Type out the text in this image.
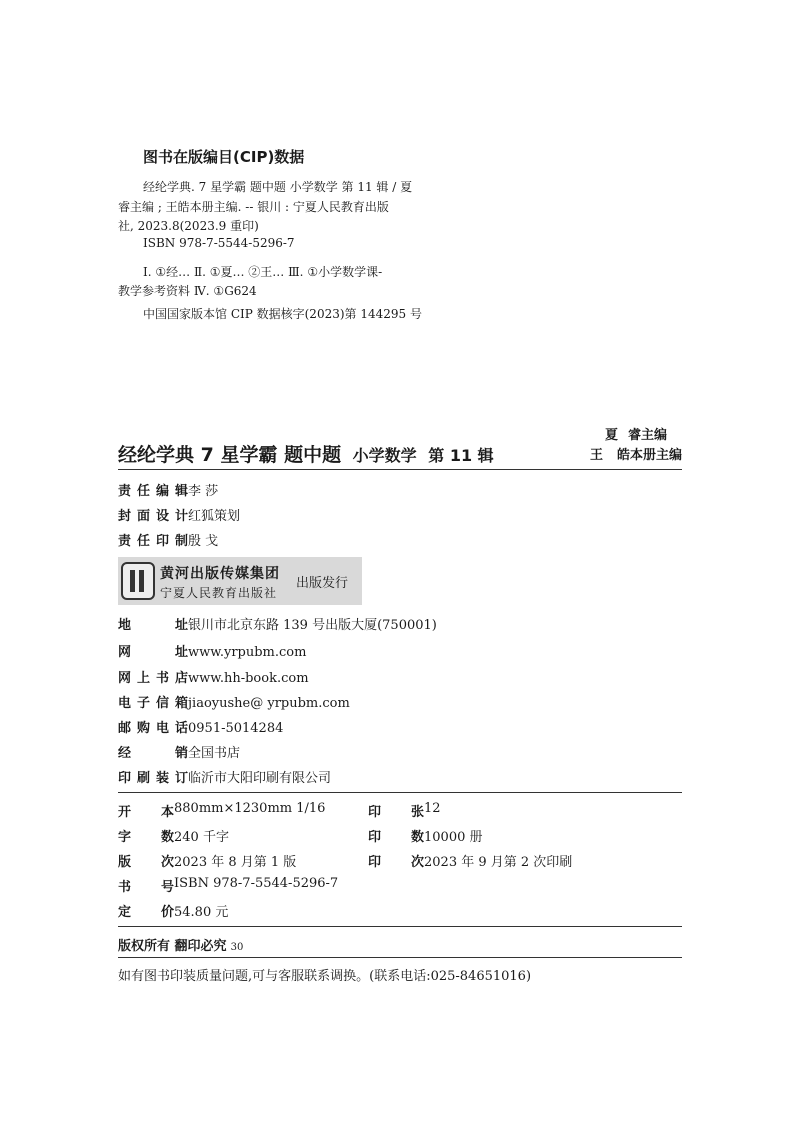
图书在版编目(CIP)数据
经纶学典. 7 星学霸 题中题 小学数学 第 11 辑 / 夏
睿主编 ; 王皓本册主编. -- 银川 : 宁夏人民教育出版
社, 2023.8(2023.9 重印)
ISBN 978-7-5544-5296-7
Ⅰ. ①经… Ⅱ. ①夏… ②王… Ⅲ. ①小学数学课-
教学参考资料 Ⅳ. ①G624
中国国家版本馆 CIP 数据核字(2023)第 144295 号
夏 睿主编
王	皓本册主编
经纶学典 7 星学霸 题中题 小学数学 第 11 辑
责任编辑 李 莎
封面设计 红狐策划
责任印制 殷 戈
黄河出版传媒集团
宁夏人民教育出版社
出版发行
地址 银川市北京东路 139 号出版大厦(750001)
网址 www.yrpubm.com
网上书店 www.hh-book.com
电子信箱 jiaoyushe@ yrpubm.com
邮购电话 0951-5014284
经销 全国书店
印刷装订 临沂市大阳印刷有限公司
开本 880mm×1230mm 1/16	印张 12
字数 240 千字	印数 10000 册
版次 2023 年 8 月第 1 版	印次 2023 年 9 月第 2 次印刷
书号 ISBN 978-7-5544-5296-7
定价 54.80 元
版权所有 翻印必究 30
如有图书印装质量问题,可与客服联系调换。(联系电话:025-84651016)
